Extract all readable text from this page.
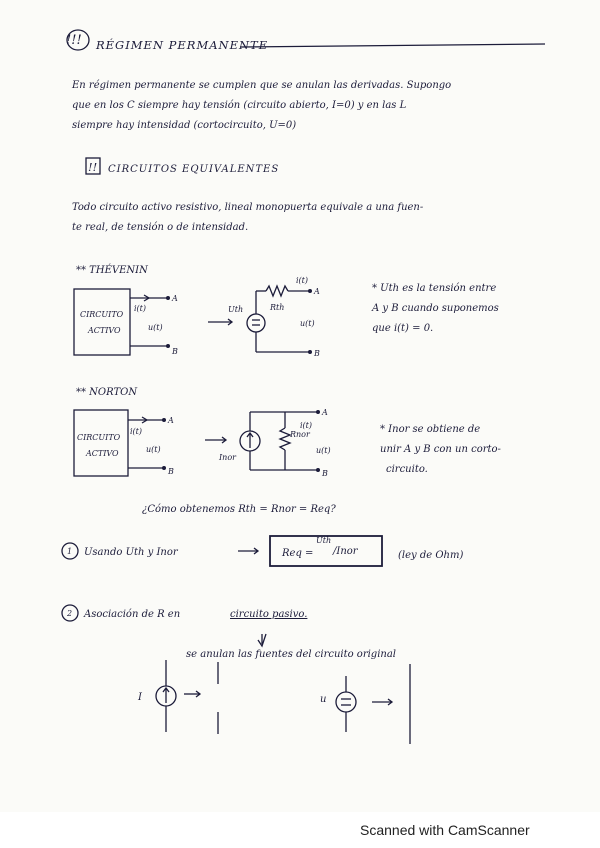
!!! RÉGIMEN PERMANENTE
En régimen permanente se cumplen que se anulan las derivadas. Supongo
que en los C siempre hay tensión (circuito abierto, I=0) y en las L
siempre hay intensidad (cortocircuito, U=0)
!! CIRCUITOS EQUIVALENTES
Todo circuito activo resistivo, lineal monopuerta equivale a una fuen-
te real, de tensión o de intensidad.
** THÉVENIN
* Uth es la tensión entre
A y B cuando suponemos
que i(t) = 0.
** NORTON
* Inor se obtiene de
unir A y B con un corto-
circuito.
¿Cómo obtenemos Rth = Rnor = Req?
Usando Uth y Inor	Req =
Uth
/Inor	(ley de Ohm)
Asociación de R en	circuito pasivo.
se anulan las fuentes del circuito original
CIRCUITO
ACTIVO
A
i(t)
u(t)
B
Uth	Rth
A
i(t)
B
u(t)
CIRCUITO
ACTIVO
A
i(t)
u(t)
B
Inor
Rnor
A
B
i(t)
u(t)
1
2
I	u
Scanned with CamScanner
